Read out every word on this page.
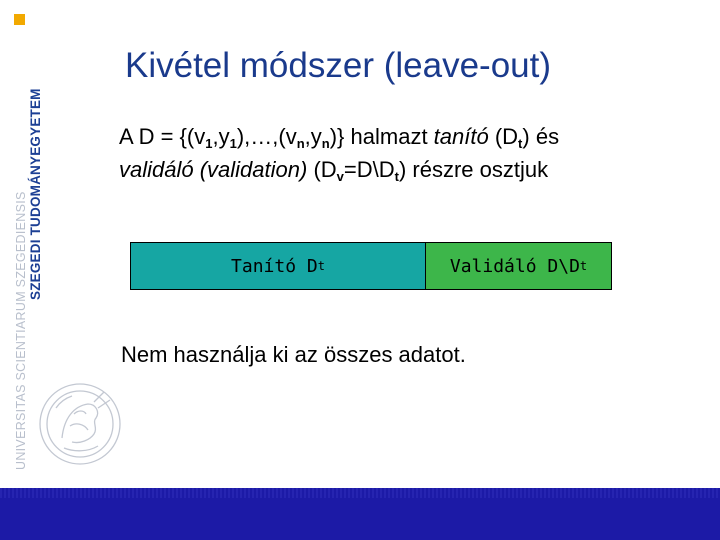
SZEGEDI TUDOMÁNYEGYETEM
UNIVERSITAS SCIENTIARUM SZEGEDIENSIS
Kivétel módszer (leave-out)
A $D = \{(v_1,y_1),\dots,(v_n,y_n)\}$ halmazt tanító $(D_t)$ és
validáló (validation) $(D_v=D\backslash D_t)$ részre osztjuk
Tanító D t	Validáló D\D t
Nem használja ki az összes adatot.
